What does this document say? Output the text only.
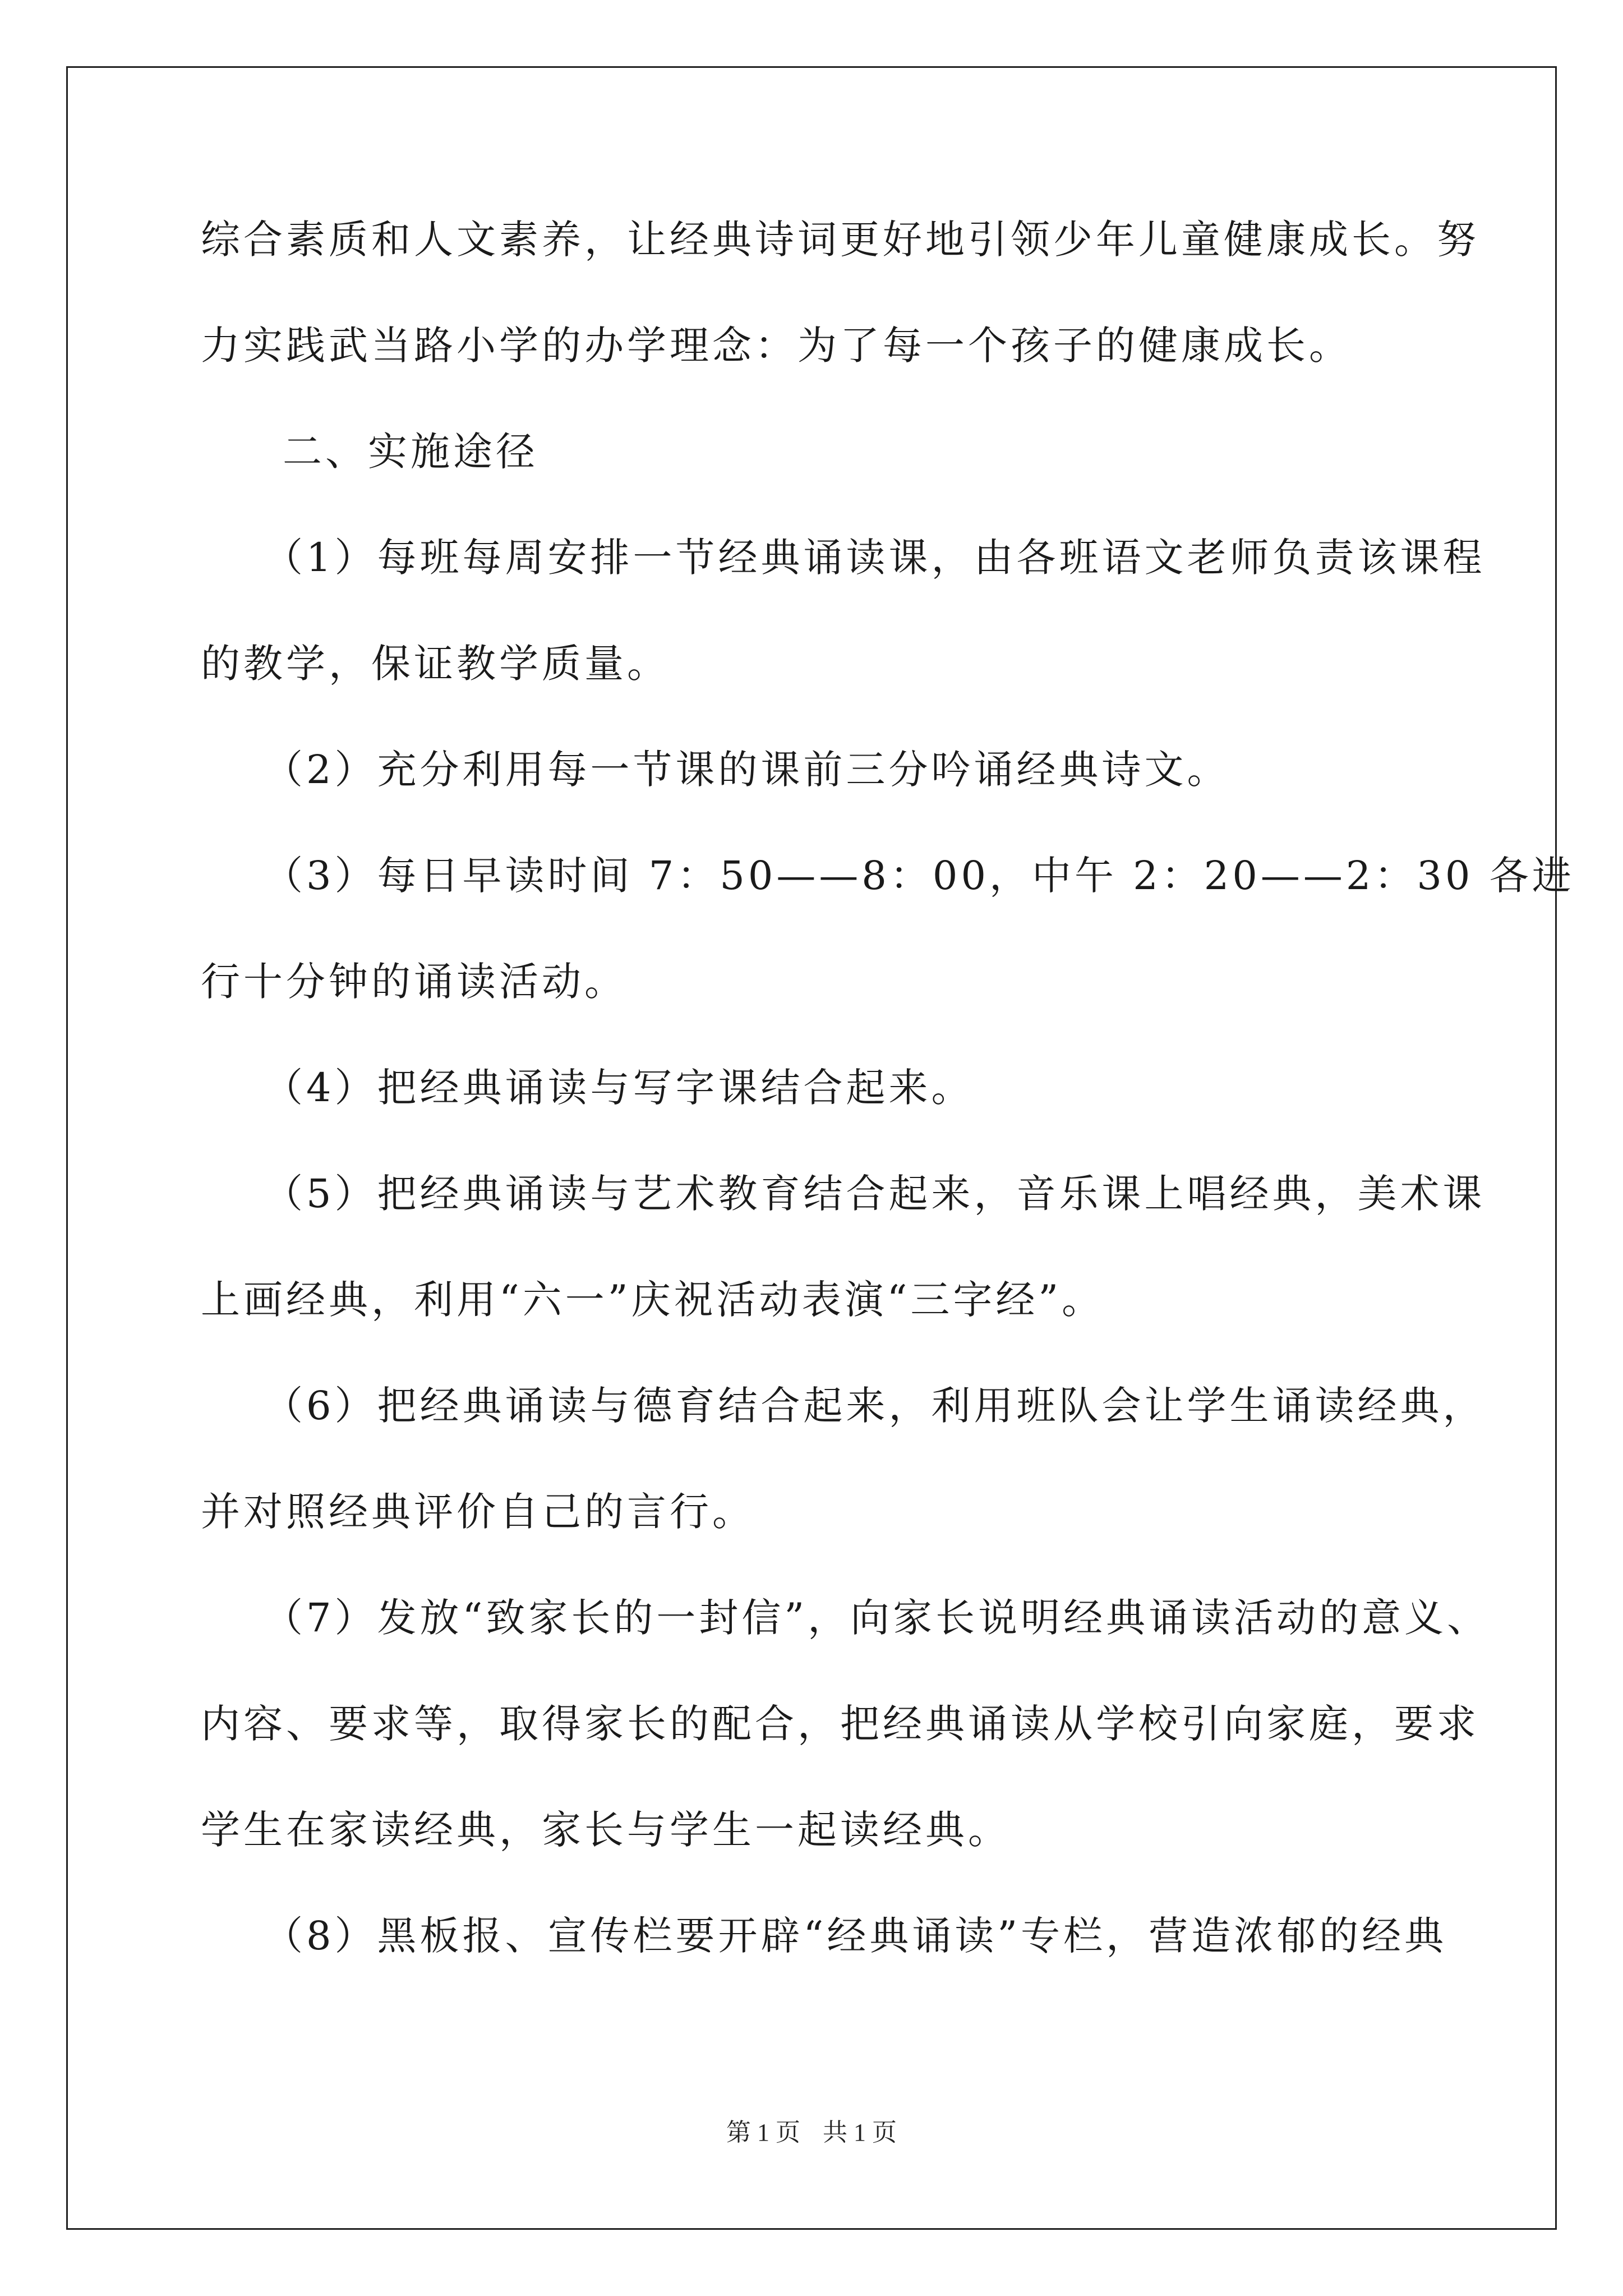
综合素质和人文素养，让经典诗词更好地引领少年儿童健康成长。努
力实践武当路小学的办学理念：为了每一个孩子的健康成长。
二、实施途径
（1）每班每周安排一节经典诵读课，由各班语文老师负责该课程
的教学，保证教学质量。
（2）充分利用每一节课的课前三分吟诵经典诗文。
（3）每日早读时间 7：50——8：00，中午 2：20——2：30 各进
行十分钟的诵读活动。
（4）把经典诵读与写字课结合起来。
（5）把经典诵读与艺术教育结合起来，音乐课上唱经典，美术课
上画经典，利用“六一”庆祝活动表演“三字经”。
（6）把经典诵读与德育结合起来，利用班队会让学生诵读经典，
并对照经典评价自己的言行。
（7）发放“致家长的一封信”，向家长说明经典诵读活动的意义、
内容、要求等，取得家长的配合，把经典诵读从学校引向家庭，要求
学生在家读经典，家长与学生一起读经典。
（8）黑板报、宣传栏要开辟“经典诵读”专栏，营造浓郁的经典
第 1 页 共 1 页
